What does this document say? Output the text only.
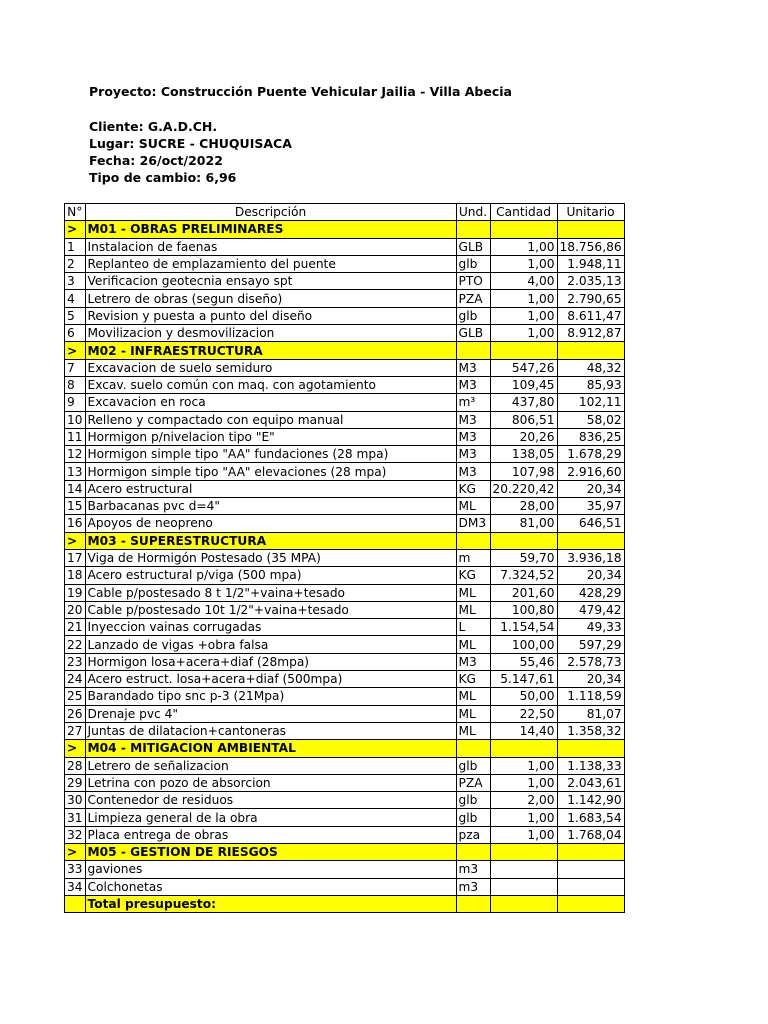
Proyecto: Construcción Puente Vehicular Jailia - Villa Abecia
Cliente: G.A.D.CH.
Lugar: SUCRE - CHUQUISACA
Fecha: 26/oct/2022
Tipo de cambio: 6,96
N°	Descripción	Und.	Cantidad	Unitario
>	M01 - OBRAS PRELIMINARES			
1	Instalacion de faenas	GLB	1,00	18.756,86
2	Replanteo de emplazamiento del puente	glb	1,00	1.948,11
3	Verificacion geotecnia ensayo spt	PTO	4,00	2.035,13
4	Letrero de obras (segun diseño)	PZA	1,00	2.790,65
5	Revision y puesta a punto del diseño	glb	1,00	8.611,47
6	Movilizacion y desmovilizacion	GLB	1,00	8.912,87
>	M02 - INFRAESTRUCTURA			
7	Excavacion de suelo semiduro	M3	547,26	48,32
8	Excav. suelo común con maq. con agotamiento	M3	109,45	85,93
9	Excavacion en roca	m³	437,80	102,11
10	Relleno y compactado con equipo manual	M3	806,51	58,02
11	Hormigon p/nivelacion tipo "E"	M3	20,26	836,25
12	Hormigon simple tipo "AA" fundaciones (28 mpa)	M3	138,05	1.678,29
13	Hormigon simple tipo "AA" elevaciones (28 mpa)	M3	107,98	2.916,60
14	Acero estructural	KG	20.220,42	20,34
15	Barbacanas pvc d=4"	ML	28,00	35,97
16	Apoyos de neopreno	DM3	81,00	646,51
>	M03 - SUPERESTRUCTURA			
17	Viga de Hormigón Postesado (35 MPA)	m	59,70	3.936,18
18	Acero estructural p/viga (500 mpa)	KG	7.324,52	20,34
19	Cable p/postesado 8 t 1/2"+vaina+tesado	ML	201,60	428,29
20	Cable p/postesado 10t 1/2"+vaina+tesado	ML	100,80	479,42
21	Inyeccion vainas corrugadas	L	1.154,54	49,33
22	Lanzado de vigas +obra falsa	ML	100,00	597,29
23	Hormigon losa+acera+diaf (28mpa)	M3	55,46	2.578,73
24	Acero estruct. losa+acera+diaf (500mpa)	KG	5.147,61	20,34
25	Barandado tipo snc p-3 (21Mpa)	ML	50,00	1.118,59
26	Drenaje pvc 4"	ML	22,50	81,07
27	Juntas de dilatacion+cantoneras	ML	14,40	1.358,32
>	M04 - MITIGACION AMBIENTAL			
28	Letrero de señalizacion	glb	1,00	1.138,33
29	Letrina con pozo de absorcion	PZA	1,00	2.043,61
30	Contenedor de residuos	glb	2,00	1.142,90
31	Limpieza general de la obra	glb	1,00	1.683,54
32	Placa entrega de obras	pza	1,00	1.768,04
>	M05 - GESTION DE RIESGOS			
33	gaviones	m3		
34	Colchonetas	m3		
	Total presupuesto:			
